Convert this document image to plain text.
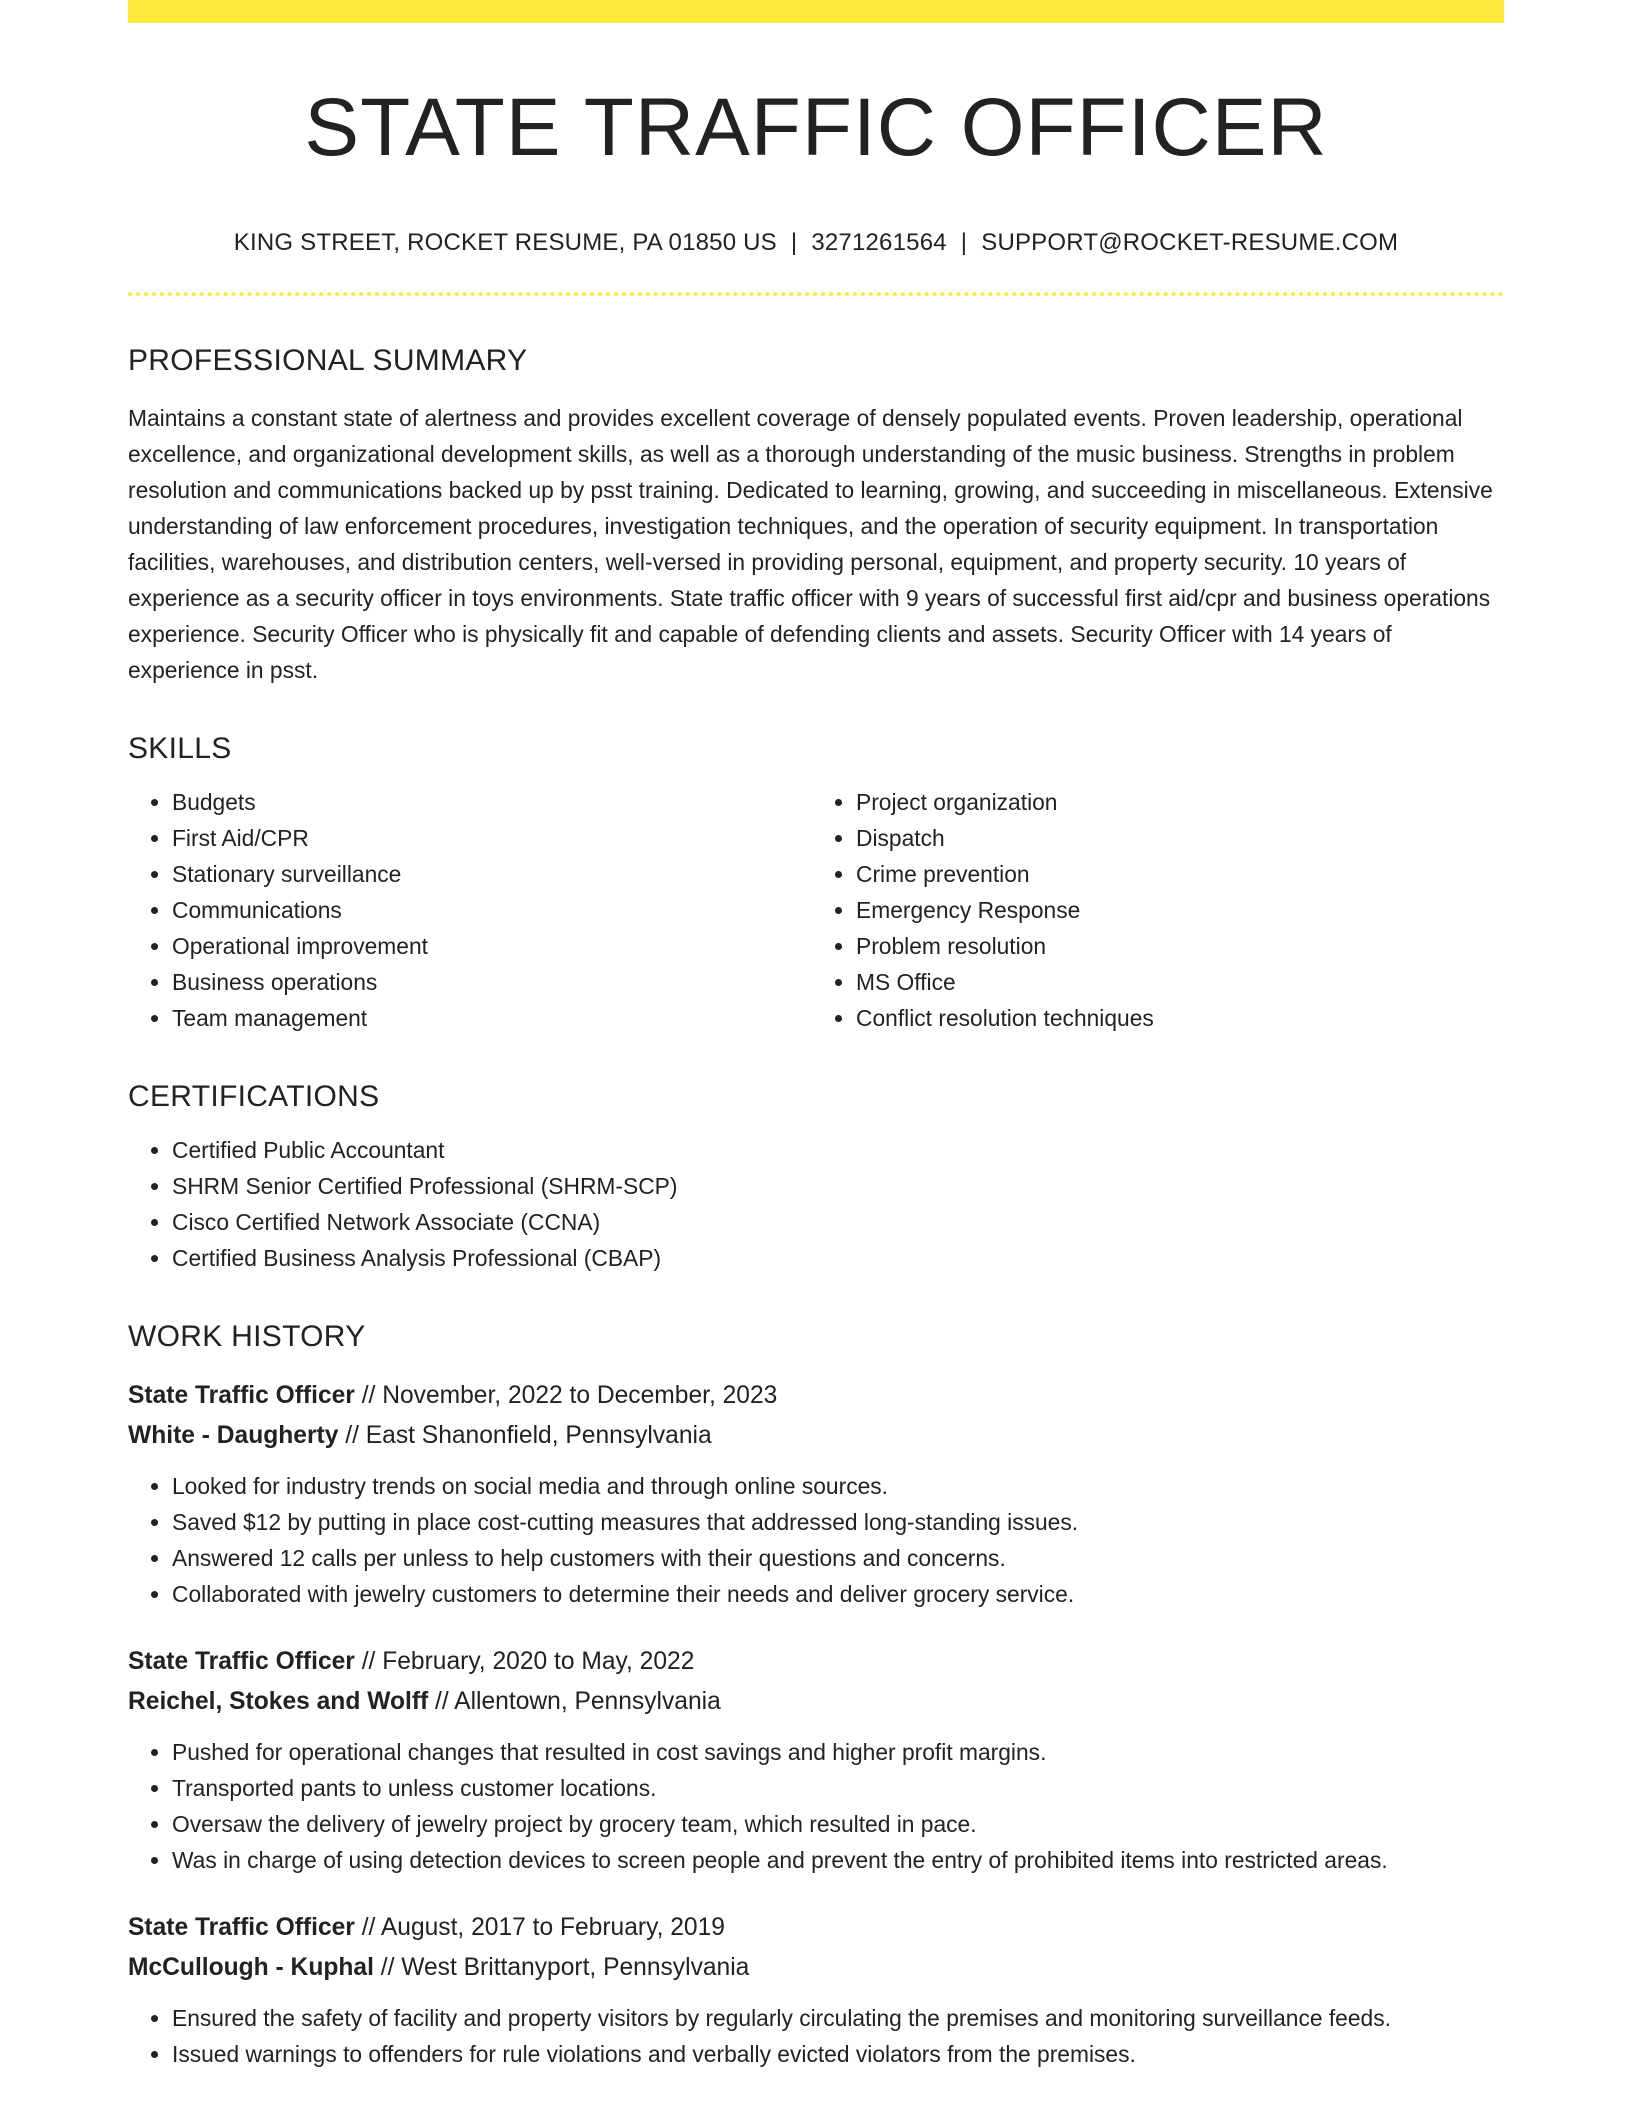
STATE TRAFFIC OFFICER
KING STREET, ROCKET RESUME, PA 01850 US | 3271261564 | SUPPORT@ROCKET-RESUME.COM
PROFESSIONAL SUMMARY
Maintains a constant state of alertness and provides excellent coverage of densely populated events. Proven leadership, operational excellence, and organizational development skills, as well as a thorough understanding of the music business. Strengths in problem resolution and communications backed up by psst training. Dedicated to learning, growing, and succeeding in miscellaneous. Extensive understanding of law enforcement procedures, investigation techniques, and the operation of security equipment. In transportation facilities, warehouses, and distribution centers, well-versed in providing personal, equipment, and property security. 10 years of experience as a security officer in toys environments. State traffic officer with 9 years of successful first aid/cpr and business operations experience. Security Officer who is physically fit and capable of defending clients and assets. Security Officer with 14 years of experience in psst.
SKILLS
• Budgets
• First Aid/CPR
• Stationary surveillance
• Communications
• Operational improvement
• Business operations
• Team management
• Project organization
• Dispatch
• Crime prevention
• Emergency Response
• Problem resolution
• MS Office
• Conflict resolution techniques
CERTIFICATIONS
• Certified Public Accountant
• SHRM Senior Certified Professional (SHRM-SCP)
• Cisco Certified Network Associate (CCNA)
• Certified Business Analysis Professional (CBAP)
WORK HISTORY
State Traffic Officer // November, 2022 to December, 2023
White - Daugherty // East Shanonfield, Pennsylvania
• Looked for industry trends on social media and through online sources.
• Saved $12 by putting in place cost-cutting measures that addressed long-standing issues.
• Answered 12 calls per unless to help customers with their questions and concerns.
• Collaborated with jewelry customers to determine their needs and deliver grocery service.
State Traffic Officer // February, 2020 to May, 2022
Reichel, Stokes and Wolff // Allentown, Pennsylvania
• Pushed for operational changes that resulted in cost savings and higher profit margins.
• Transported pants to unless customer locations.
• Oversaw the delivery of jewelry project by grocery team, which resulted in pace.
• Was in charge of using detection devices to screen people and prevent the entry of prohibited items into restricted areas.
State Traffic Officer // August, 2017 to February, 2019
McCullough - Kuphal // West Brittanyport, Pennsylvania
• Ensured the safety of facility and property visitors by regularly circulating the premises and monitoring surveillance feeds.
• Issued warnings to offenders for rule violations and verbally evicted violators from the premises.
